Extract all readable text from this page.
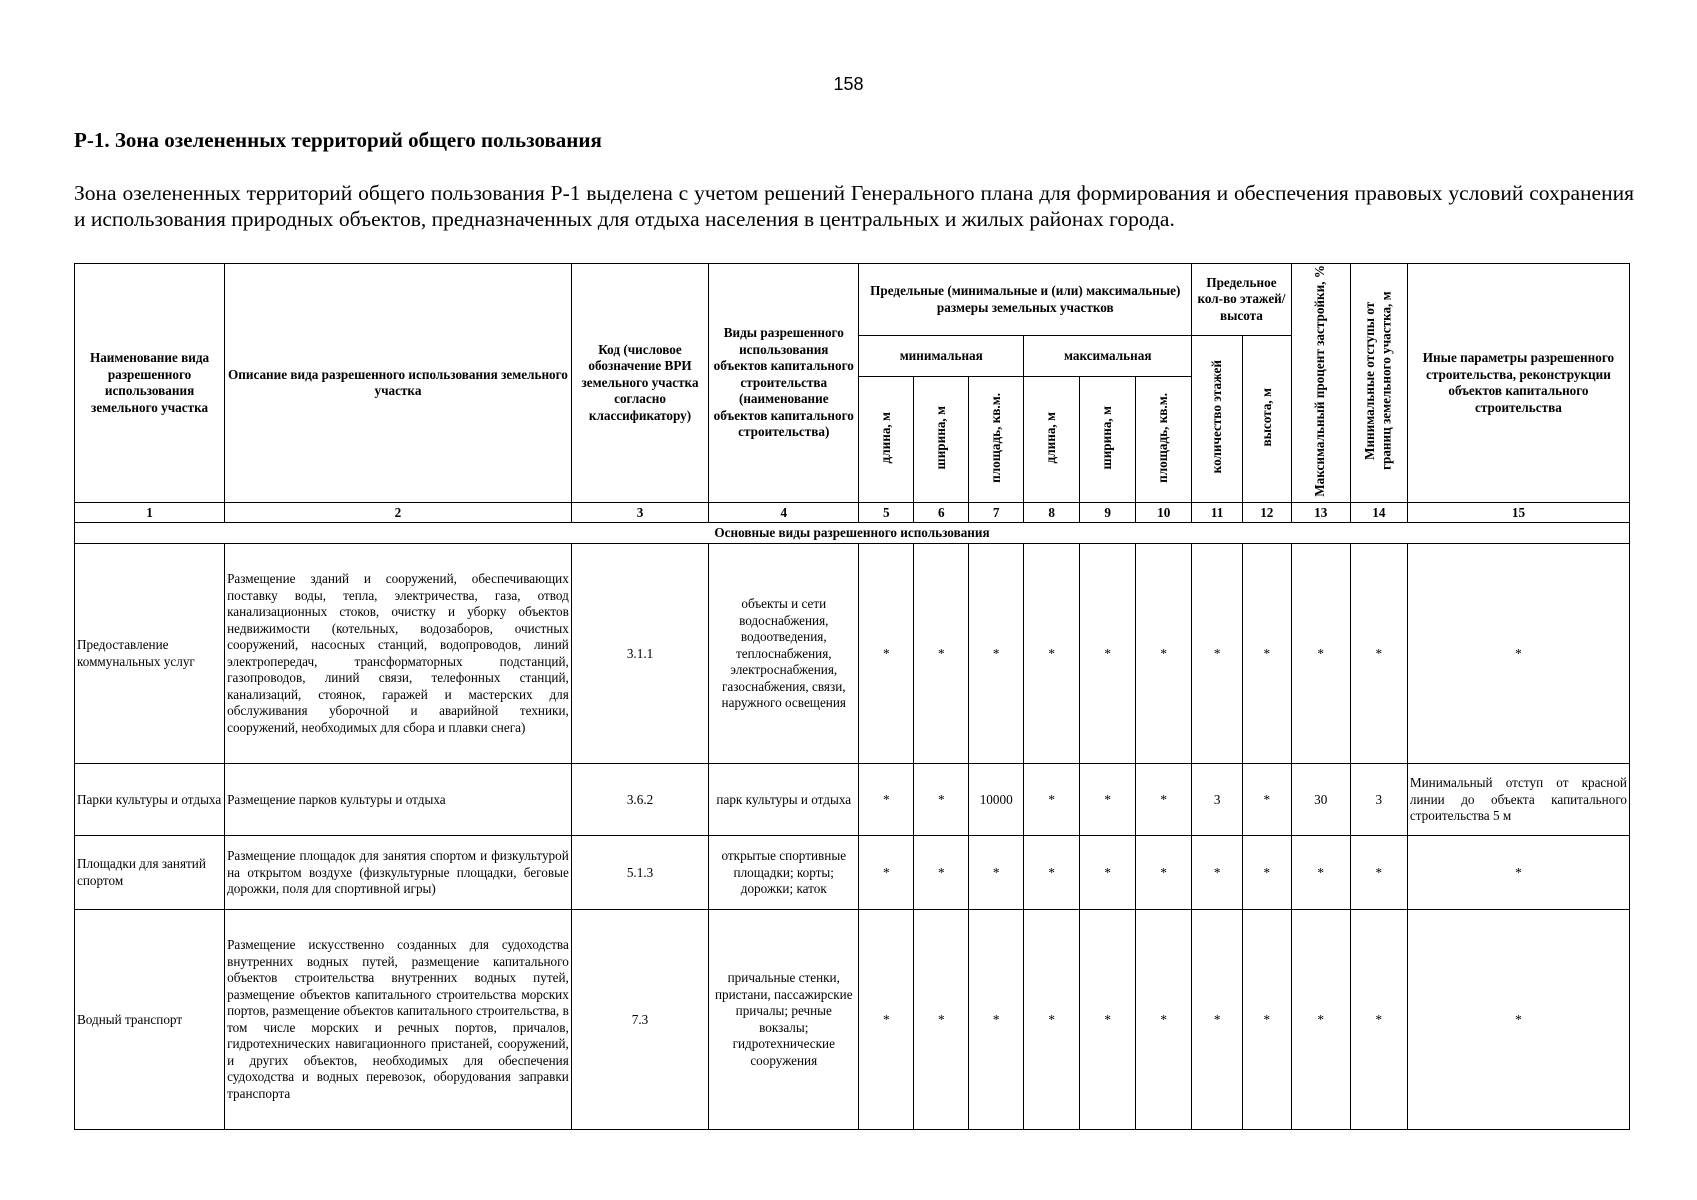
158
Р-1. Зона озелененных территорий общего пользования

Зона озелененных территорий общего пользования Р-1 выделена с учетом решений Генерального плана для формирования и обеспечения правовых условий сохранения и использования природных объектов, предназначенных для отдыха населения в центральных и жилых районах города.

Наименование вида разрешенного использования земельного участка	Описание вида разрешенного использования земельного участка	Код (числовое обозначение ВРИ земельного участка согласно классификатору)	Виды разрешенного использования объектов капитального строительства (наименование объектов капитального строительства)	Предельные (минимальные и (или) максимальные) размеры земельных участков						Предельное кол-во этажей/ высота		Максимальный процент застройки, %	Минимальные отступы от границ земельного участка, м	Иные параметры разрешенного строительства, реконструкции объектов капитального строительства
				минимальная			максимальная			количество этажей	высота, м			
				длина, м	ширина, м	площадь, кв.м.	длина, м	ширина, м	площадь, кв.м.					
1	2	3	4	5	6	7	8	9	10	11	12	13	14	15
Основные виды разрешенного использования														
Предоставление коммунальных услуг	Размещение зданий и сооружений, обеспечивающих поставку воды, тепла, электричества, газа, отвод канализационных стоков, очистку и уборку объектов недвижимости (котельных, водозаборов, очистных сооружений, насосных станций, водопроводов, линий электропередач, трансформаторных подстанций, газопроводов, линий связи, телефонных станций, канализаций, стоянок, гаражей и мастерских для обслуживания уборочной и аварийной техники, сооружений, необходимых для сбора и плавки снега)	3.1.1	объекты и сети водоснабжения, водоотведения, теплоснабжения, электроснабжения, газоснабжения, связи, наружного освещения	*	*	*	*	*	*	*	*	*	*	*
Парки культуры и отдыха	Размещение парков культуры и отдыха	3.6.2	парк культуры и отдыха	*	*	10000	*	*	*	3	*	30	3	Минимальный отступ от красной линии до объекта капитального строительства 5 м
Площадки для занятий спортом	Размещение площадок для занятия спортом и физкультурой на открытом воздухе (физкультурные площадки, беговые дорожки, поля для спортивной игры)	5.1.3	открытые спортивные площадки; корты; дорожки; каток	*	*	*	*	*	*	*	*	*	*	*
Водный транспорт	Размещение искусственно созданных для судоходства внутренних водных путей, размещение капитального объектов строительства внутренних водных путей, размещение объектов капитального строительства морских портов, размещение объектов капитального строительства, в том числе морских и речных портов, причалов, гидротехнических навигационного пристаней, сооружений, и других объектов, необходимых для обеспечения судоходства и водных перевозок, оборудования заправки транспорта	7.3	причальные стенки, пристани, пассажирские причалы; речные вокзалы; гидротехнические сооружения	*	*	*	*	*	*	*	*	*	*	*
